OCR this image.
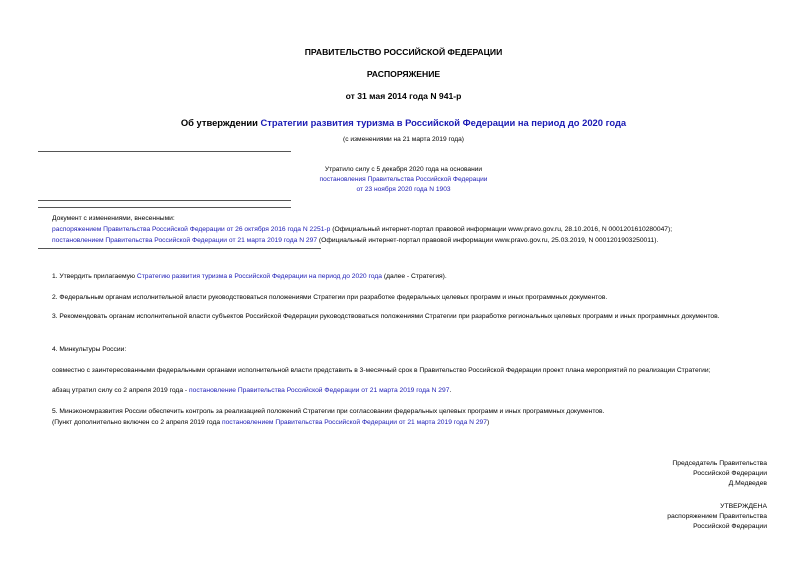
ПРАВИТЕЛЬСТВО РОССИЙСКОЙ ФЕДЕРАЦИИ
РАСПОРЯЖЕНИЕ
от 31 мая 2014 года N 941-р
Об утверждении Стратегии развития туризма в Российской Федерации на период до 2020 года
(с изменениями на 21 марта 2019 года)
Утратило силу с 5 декабря 2020 года на основании
постановления Правительства Российской Федерации
от 23 ноября 2020 года N 1903
Документ с изменениями, внесенными:
распоряжением Правительства Российской Федерации от 26 октября 2016 года N 2251-р (Официальный интернет-портал правовой информации www.pravo.gov.ru, 28.10.2016, N 0001201610280047);
постановлением Правительства Российской Федерации от 21 марта 2019 года N 297 (Официальный интернет-портал правовой информации www.pravo.gov.ru, 25.03.2019, N 0001201903250011).
1. Утвердить прилагаемую Стратегию развития туризма в Российской Федерации на период до 2020 года (далее - Стратегия).
2. Федеральным органам исполнительной власти руководствоваться положениями Стратегии при разработке федеральных целевых программ и иных программных документов.
3. Рекомендовать органам исполнительной власти субъектов Российской Федерации руководствоваться положениями Стратегии при разработке региональных целевых программ и иных программных документов.
4. Минкультуры России:
совместно с заинтересованными федеральными органами исполнительной власти представить в 3-месячный срок в Правительство Российской Федерации проект плана мероприятий по реализации Стратегии;
абзац утратил силу со 2 апреля 2019 года - постановление Правительства Российской Федерации от 21 марта 2019 года N 297.
5. Минэкономразвития России обеспечить контроль за реализацией положений Стратегии при согласовании федеральных целевых программ и иных программных документов.
(Пункт дополнительно включен со 2 апреля 2019 года постановлением Правительства Российской Федерации от 21 марта 2019 года N 297)
Председатель Правительства
Российской Федерации
Д.Медведев
УТВЕРЖДЕНА
распоряжением Правительства
Российской Федерации
